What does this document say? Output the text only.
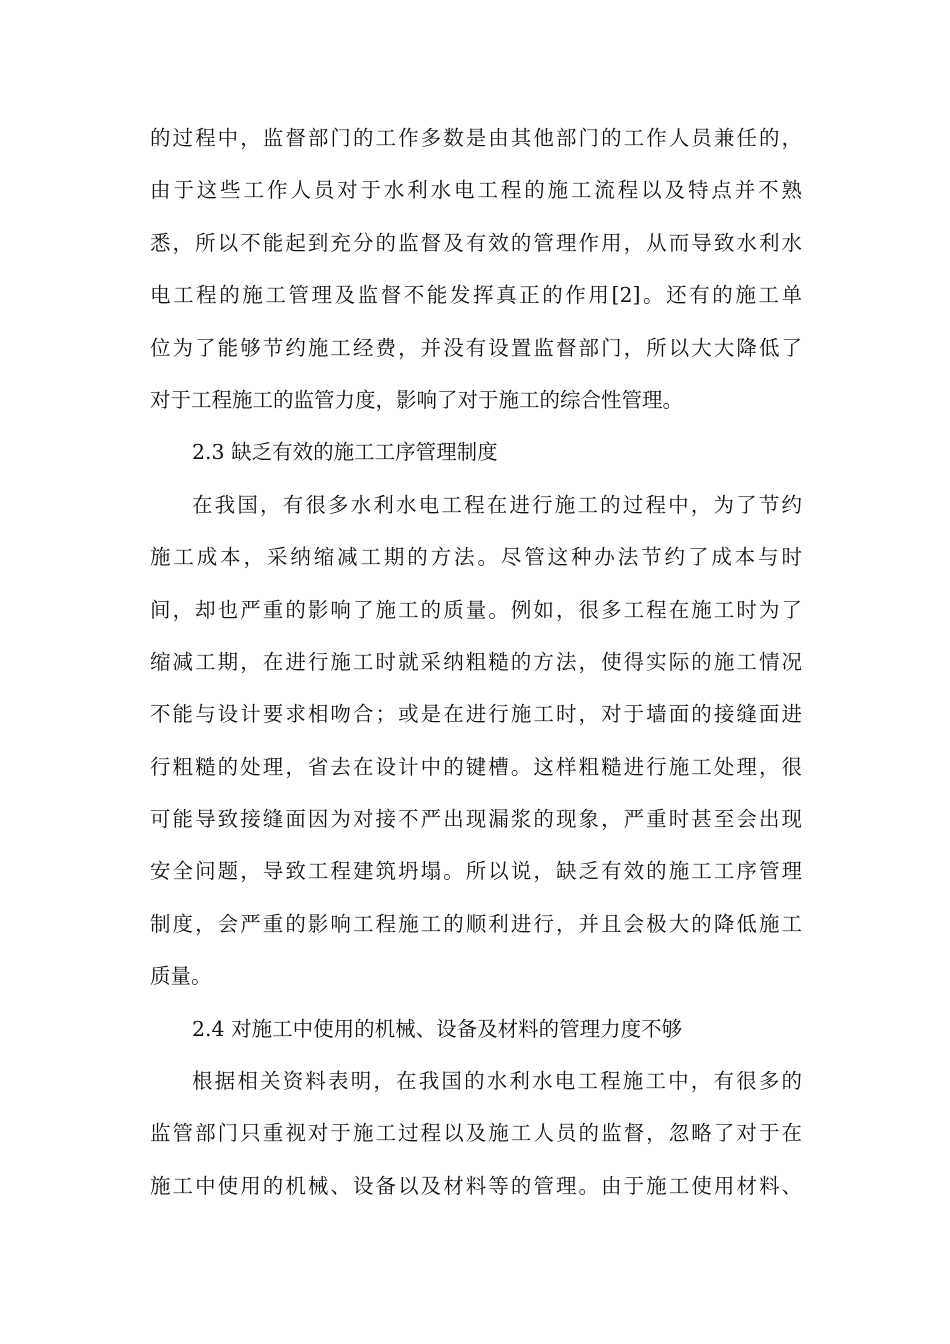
的过程中，监督部门的工作多数是由其他部门的工作人员兼任的，
由于这些工作人员对于水利水电工程的施工流程以及特点并不熟
悉，所以不能起到充分的监督及有效的管理作用，从而导致水利水
电工程的施工管理及监督不能发挥真正的作用[2]。还有的施工单
位为了能够节约施工经费，并没有设置监督部门，所以大大降低了
对于工程施工的监管力度，影响了对于施工的综合性管理。
2.3 缺乏有效的施工工序管理制度
在我国，有很多水利水电工程在进行施工的过程中，为了节约
施工成本，采纳缩减工期的方法。尽管这种办法节约了成本与时
间，却也严重的影响了施工的质量。例如，很多工程在施工时为了
缩减工期，在进行施工时就采纳粗糙的方法，使得实际的施工情况
不能与设计要求相吻合；或是在进行施工时，对于墙面的接缝面进
行粗糙的处理，省去在设计中的键槽。这样粗糙进行施工处理，很
可能导致接缝面因为对接不严出现漏浆的现象，严重时甚至会出现
安全问题，导致工程建筑坍塌。所以说，缺乏有效的施工工序管理
制度，会严重的影响工程施工的顺利进行，并且会极大的降低施工
质量。
2.4 对施工中使用的机械、设备及材料的管理力度不够
根据相关资料表明，在我国的水利水电工程施工中，有很多的
监管部门只重视对于施工过程以及施工人员的监督，忽略了对于在
施工中使用的机械、设备以及材料等的管理。由于施工使用材料、
